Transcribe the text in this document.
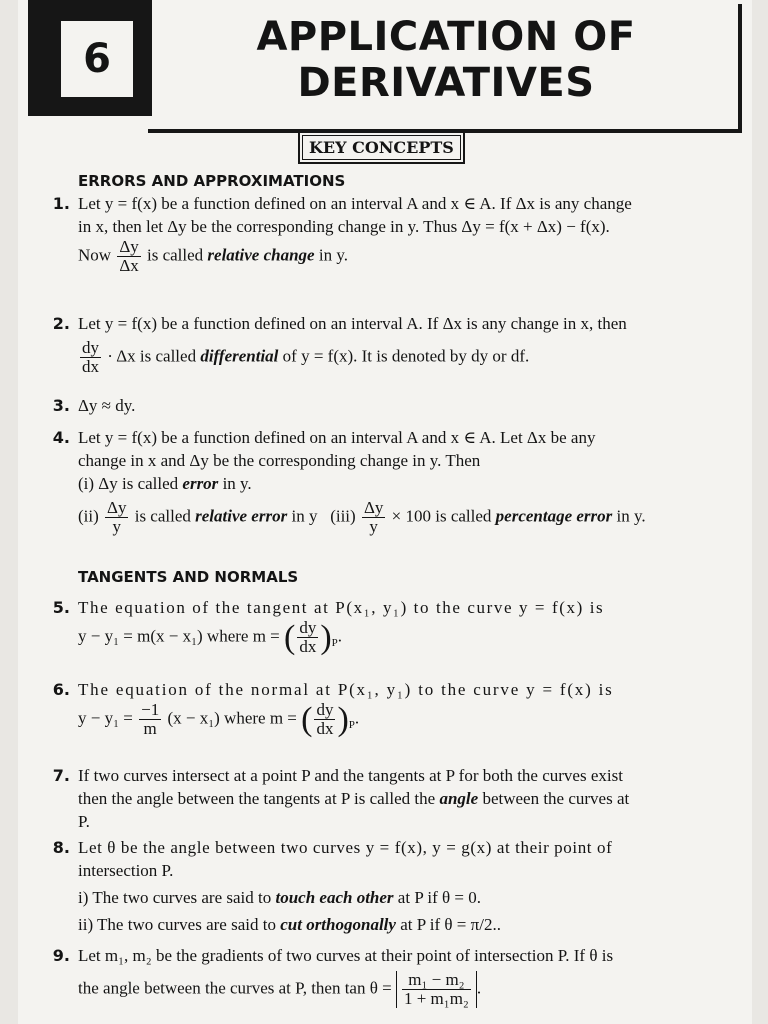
6	APPLICATION OF
DERIVATIVES
KEY CONCEPTS
ERRORS AND APPROXIMATIONS
1. Let y = f(x) be a function defined on an interval A and x ∈ A. If Δx is any change
in x, then let Δy be the corresponding change in y. Thus Δy = f(x + Δx) − f(x).
Now $\frac{\Delta y}{\Delta x}$ is called relative change in y.
2. Let y = f(x) be a function defined on an interval A. If Δx is any change in x, then
$\frac{dy}{dx} \cdot \Delta x$ is called differential of y = f(x). It is denoted by dy or df.
3. Δy ≈ dy.
4. Let y = f(x) be a function defined on an interval A and x ∈ A. Let Δx be any
change in x and Δy be the corresponding change in y. Then
(i) Δy is called error in y.
$(ii) \frac{\Delta y}{y}$ is called relative error in y $(iii) \frac{\Delta y}{y} \times 100$ is called percentage error in y.
TANGENTS AND NORMALS
5. The equation of the tangent at P(x₁, y₁) to the curve y = f(x) is
y − y₁ = m(x − x₁) where m = ( $\frac{dy}{dx} )_P$.
6. The equation of the normal at P(x₁, y₁) to the curve y = f(x) is
$y - y_1 = \frac{-1}{m} (x - x_1)$ where m = ( $\frac{dy}{dx} )_P$.
7. If two curves intersect at a point P and the tangents at P for both the curves exist
then the angle between the tangents at P is called the angle between the curves at
P.
8. Let θ be the angle between two curves y = f(x), y = g(x) at their point of
intersection P.
i) The two curves are said to touch each other at P if θ = 0.
ii) The two curves are said to cut orthogonally at P if θ = π/2..
9. Let m₁, m₂ be the gradients of two curves at their point of intersection P. If θ is
the angle between the curves at P, then $\tan \theta = \frac{\text{m₁ − m₂}}{\text{1 + m₁m₂}}$ .
